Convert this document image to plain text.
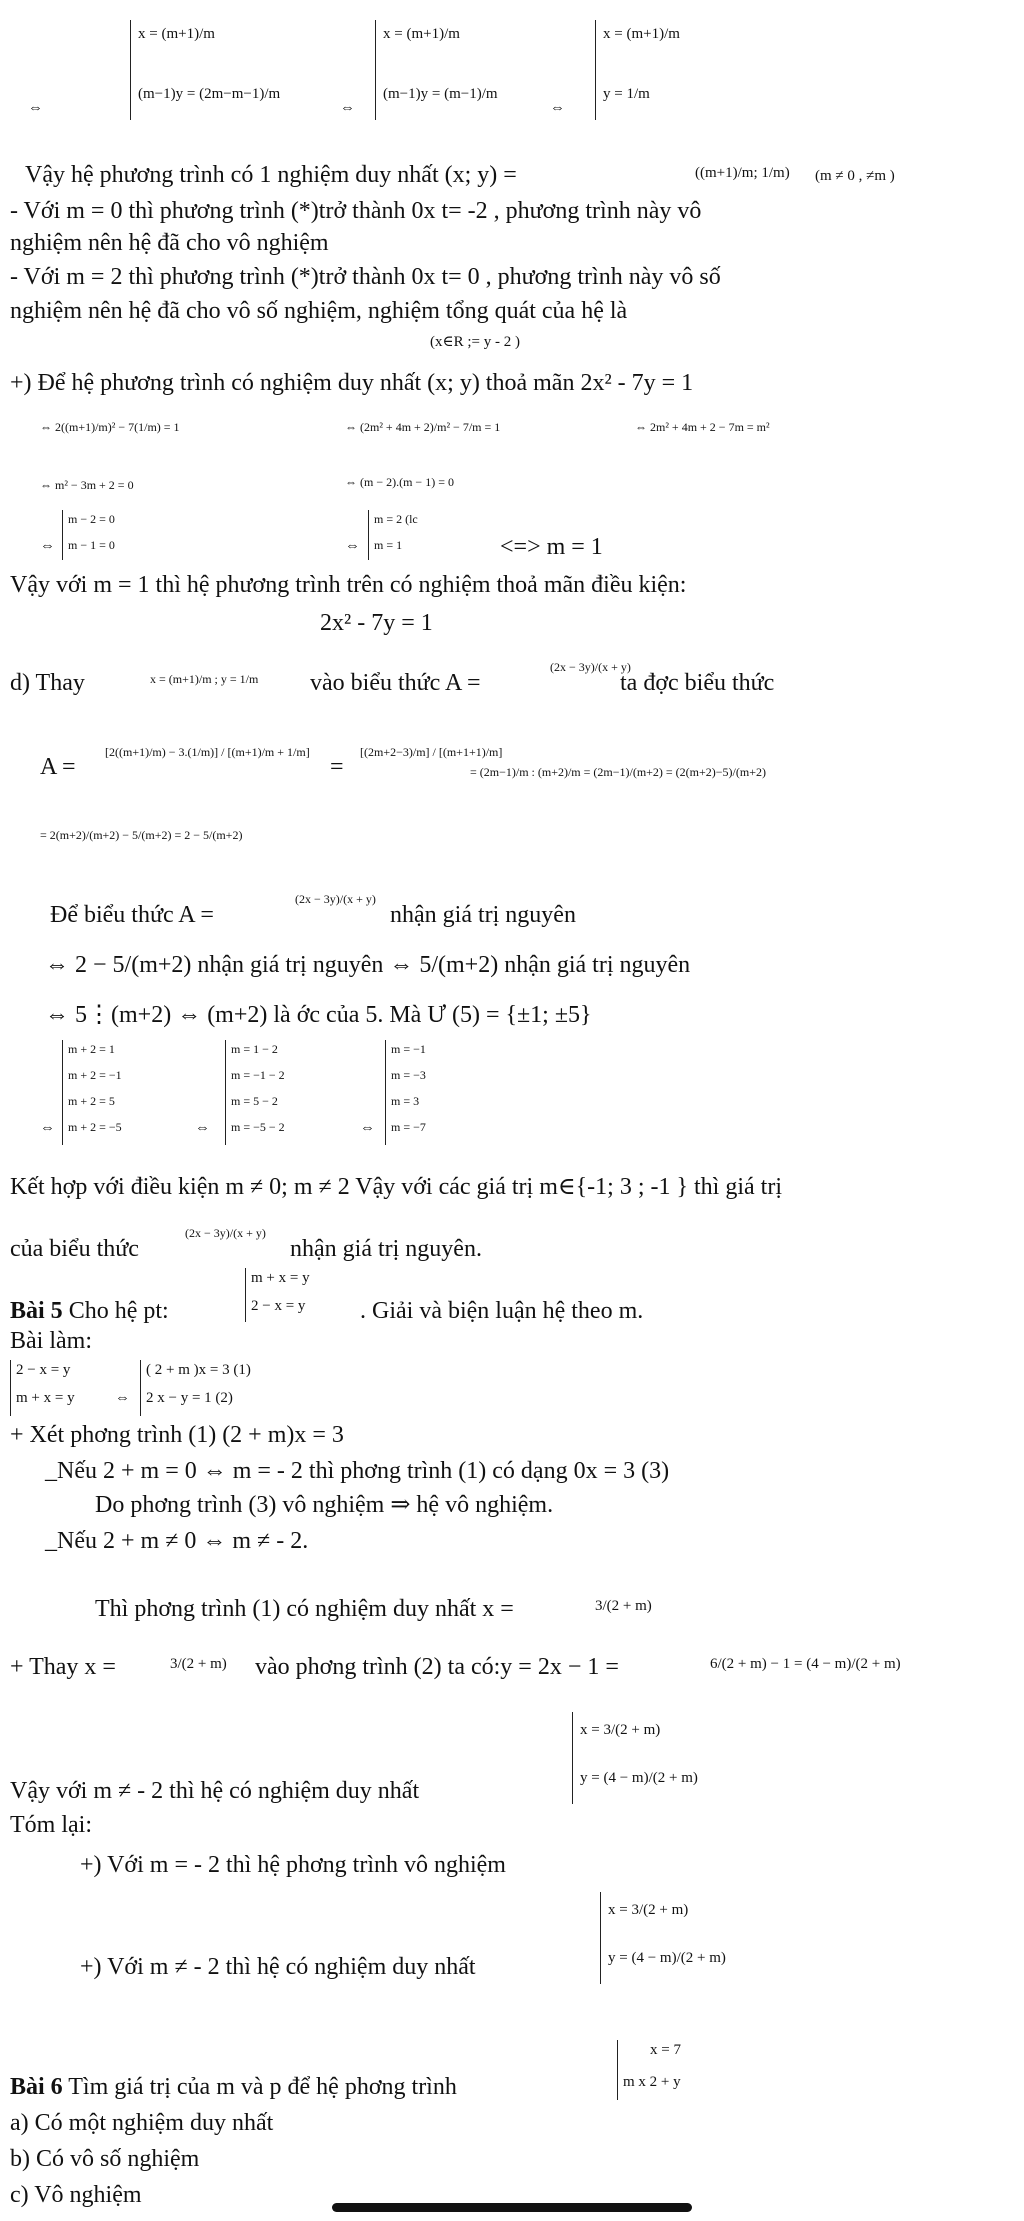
⇔
x = (m+1)/m
(m−1)y = (2m−m−1)/m
⇔
x = (m+1)/m
(m−1)y = (m−1)/m
⇔
x = (m+1)/m
y = 1/m
Vậy hệ phương trình có 1 nghiệm duy nhất (x; y) =	((m+1)/m; 1/m) (m ≠ 0 , ≠m )
- Với m = 0 thì phương trình (*)trở thành 0x t= -2 , phương trình này vô
nghiệm nên hệ đã cho vô nghiệm
- Với m = 2 thì phương trình (*)trở thành 0x t= 0 , phương trình này vô số
nghiệm nên hệ đã cho vô số nghiệm, nghiệm tổng quát của hệ là
(x∈R ;= y - 2 )
+) Để hệ phương trình có nghiệm duy nhất (x; y) thoả mãn 2x² - 7y = 1
⇔ 2((m+1)/m)² − 7(1/m) = 1	⇔ (2m² + 4m + 2)/m² − 7/m = 1	⇔ 2m² + 4m + 2 − 7m = m²
⇔ m² − 3m + 2 = 0	⇔ (m − 2).(m − 1) = 0
⇔
m − 2 = 0
m − 1 = 0	⇔
m = 2 (lc
m = 1	<=> m = 1
Vậy với m = 1 thì hệ phương trình trên có nghiệm thoả mãn điều kiện:
2x² - 7y = 1
d) Thay	x = (m+1)/m ; y = 1/m vào biểu thức A =
(2x − 3y)/(x + y)
ta đợc biểu thức
A =
[2((m+1)/m) − 3.(1/m)] / [(m+1)/m + 1/m]
=
[(2m+2−3)/m] / [(m+1+1)/m]
= (2m−1)/m : (m+2)/m = (2m−1)/(m+2) = (2(m+2)−5)/(m+2)
= 2(m+2)/(m+2) − 5/(m+2) = 2 − 5/(m+2)
Để biểu thức A =
(2x − 3y)/(x + y)
nhận giá trị nguyên
⇔ 2 − 5/(m+2) nhận giá trị nguyên ⇔ 5/(m+2) nhận giá trị nguyên
⇔ 5⋮(m+2) ⇔ (m+2) là ớc của 5. Mà Ư (5) = {±1; ±5}
⇔
m + 2 = 1
m + 2 = −1
m + 2 = 5
m + 2 = −5	⇔
m = 1 − 2
m = −1 − 2
m = 5 − 2
m = −5 − 2	⇔
m = −1
m = −3
m = 3
m = −7
Kết hợp với điều kiện m ≠ 0; m ≠ 2 Vậy với các giá trị m∈{-1; 3 ; -1 } thì giá trị
của biểu thức
(2x − 3y)/(x + y)
nhận giá trị nguyên.
Bài 5 Cho hệ pt:
m + x = y
2 − x = y . Giải và biện luận hệ theo m.
Bài làm:
2 − x = y
m + x = y	⇔
( 2 + m )x = 3 (1)
2 x − y = 1 (2)
+ Xét phơng trình (1) (2 + m)x = 3
_Nếu 2 + m = 0 ⇔ m = - 2 thì phơng trình (1) có dạng 0x = 3 (3)
Do phơng trình (3) vô nghiệm ⇒ hệ vô nghiệm.
_Nếu 2 + m ≠ 0 ⇔ m ≠ - 2.
Thì phơng trình (1) có nghiệm duy nhất x =	3/(2 + m)
+ Thay x =	3/(2 + m) vào phơng trình (2) ta có:y = 2x − 1 =	6/(2 + m) − 1 = (4 − m)/(2 + m)
Vậy với m ≠ - 2 thì hệ có nghiệm duy nhất
x = 3/(2 + m)
y = (4 − m)/(2 + m)
Tóm lại:
+) Với m = - 2 thì hệ phơng trình vô nghiệm
+) Với m ≠ - 2 thì hệ có nghiệm duy nhất
x = 3/(2 + m)
y = (4 − m)/(2 + m)
Bài 6 Tìm giá trị của m và p để hệ phơng trình
x = 7
m x 2 + y
a) Có một nghiệm duy nhất
b) Có vô số nghiệm
c) Vô nghiệm
